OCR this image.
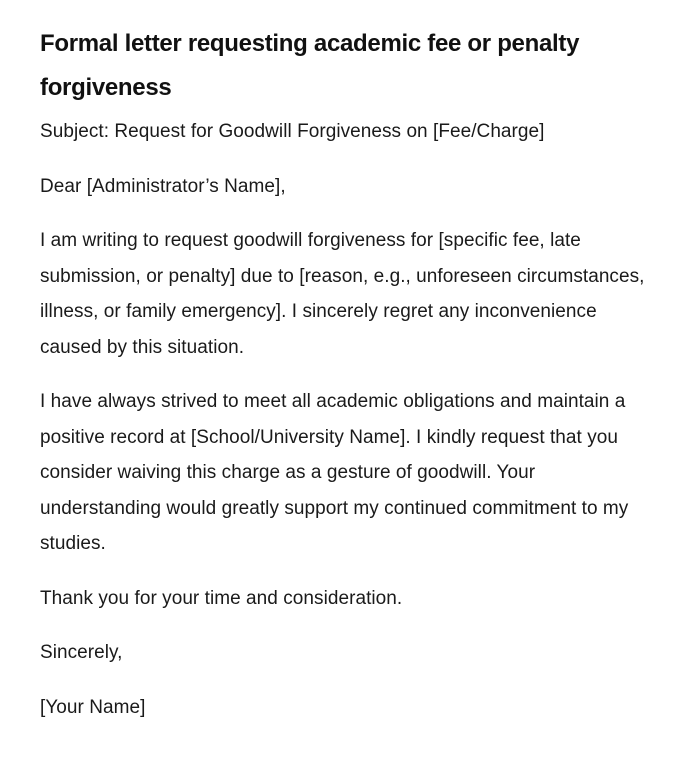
Formal letter requesting academic fee or penalty forgiveness

Subject: Request for Goodwill Forgiveness on [Fee/Charge]

Dear [Administrator’s Name],

I am writing to request goodwill forgiveness for [specific fee, late submission, or penalty] due to [reason, e.g., unforeseen circumstances, illness, or family emergency]. I sincerely regret any inconvenience caused by this situation.

I have always strived to meet all academic obligations and maintain a positive record at [School/University Name]. I kindly request that you consider waiving this charge as a gesture of goodwill. Your understanding would greatly support my continued commitment to my studies.

Thank you for your time and consideration.

Sincerely,

[Your Name]
